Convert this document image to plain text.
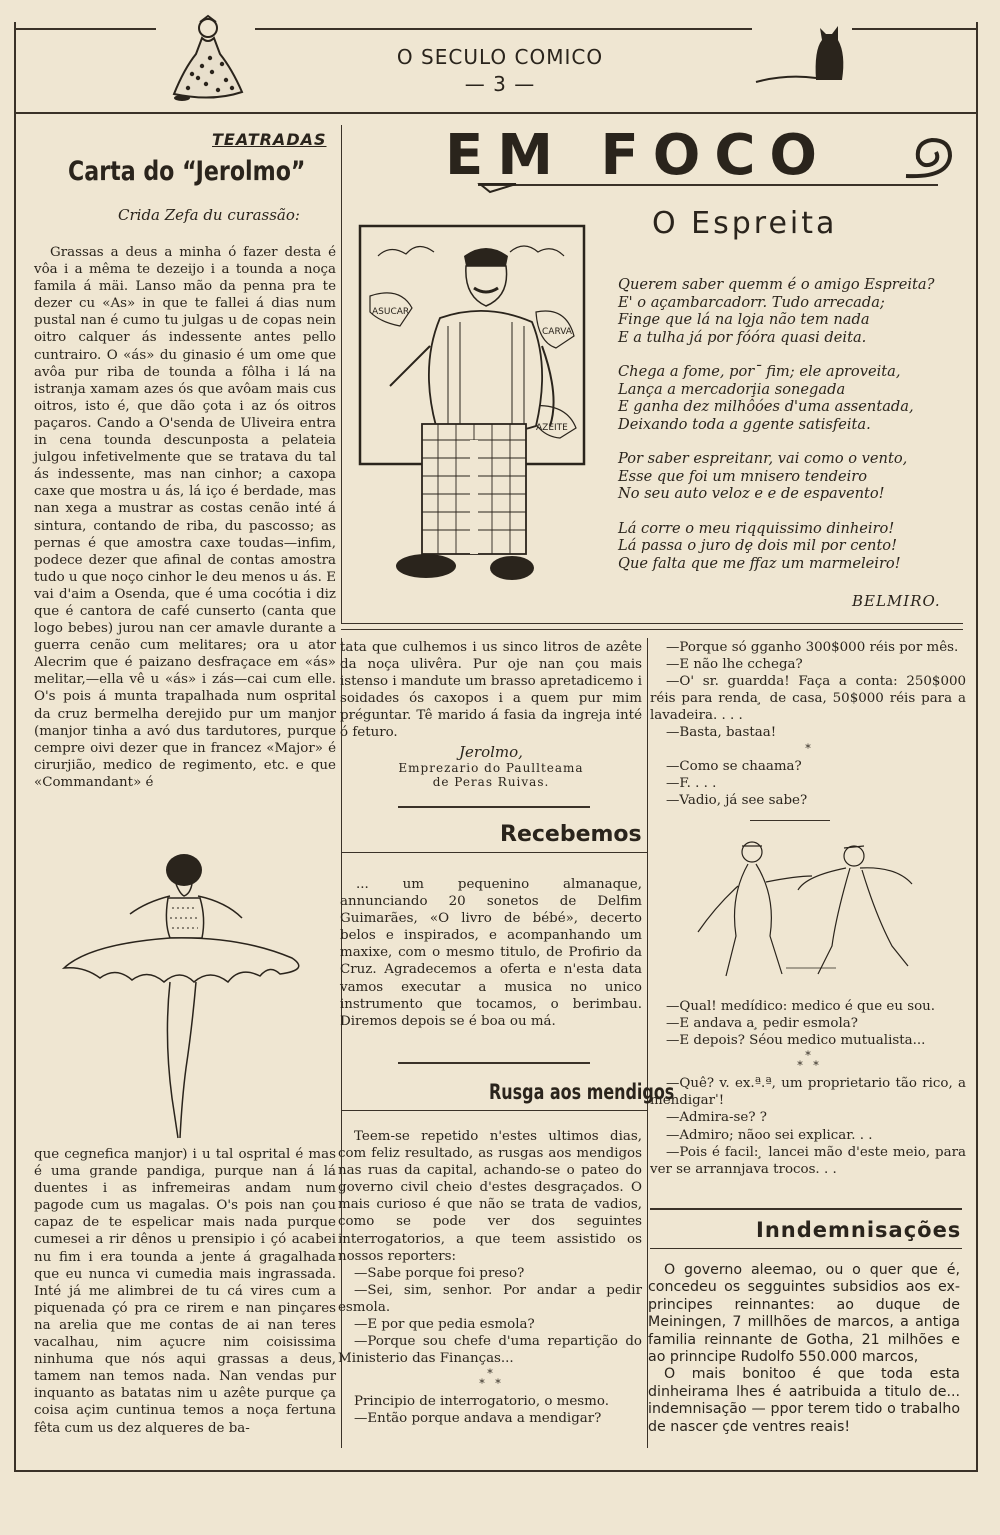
O SECULO COMICO
— 3 —
TEATRADAS
Carta do “Jerolmo”
Crida Zefa du curassão:

Grassas a deus a minha ó fazer desta é vôa i a mêma te dezeijo i a tounda a noça famila á mäi. Lanso mão da penna pra te dezer cu «As» in que te fallei á dias num pustal nan é cumo tu julgas u de copas nein oitro calquer ás indessente antes pello cuntrairo. O «ás» du ginasio é um ome que avôa pur riba de tounda a fôlha i lá na istranja xamam azes ós que avôam mais cus oitros, isto é, que dão çota i az ós oitros paçaros. Cando a O'senda de Uliveira entra in cena tounda descunposta a pelateia julgou infetivelmente que se tratava du tal ás indessente, mas nan cinhor; a caxopa caxe que mostra u ás, lá iço é berdade, mas nan xega a mustrar as costas cenão inté á sintura, contando de riba, du pascosso; as pernas é que amostra caxe toudas—infim, podece dezer que afinal de contas amostra tudo u que noço cinhor le deu menos u ás. E vai d'aim a Osenda, que é uma cocótia i diz que é cantora de café cunserto (canta que logo bebes) jurou nan cer amavle durante a guerra cenão cum melitares; ora u ator Alecrim que é paizano desfraçace em «ás» melitar,—ella vê u «ás» i zás—cai cum elle. O's pois á munta trapalhada num osprital da cruz bermelha derejido pur um manjor (manjor tinha a avó dus tardutores, purque cempre oivi dezer que in francez «Major» é cirurjião, medico de regimento, etc. e que «Commandant» é

que cegnefica manjor) i u tal osprital é mas é uma grande pandiga, purque nan á lá duentes i as infremeiras andam num pagode cum us magalas. O's pois nan çou capaz de te espelicar mais nada purque cumesei a rir dênos u prensipio i çó acabei nu fim i era tounda a jente á gragalhada que eu nunca vi cumedia mais ingrassada. Inté já me alimbrei de tu cá vires cum a piquenada çó pra ce rirem e nan pinçares na arelia que me contas de ai nan teres vacalhau, nim açucre nim coisissima ninhuma que nós aqui grassas a deus, tamem nan temos nada. Nan vendas pur inquanto as batatas nim u azête purque ça coisa açim cuntinua temos a noça fertuna fêta cum us dez alqueres de ba-

tata que culhemos i us sinco litros de azête da noça ulivêra. Pur oje nan çou mais istenso i mandute um brasso apretadicemo i soidades ós caxopos i a quem pur mim préguntar. Tê marido á fasia da ingreja inté ó feturo.

Jerolmo,
Emprezario do Paullteama
de Peras Ruivas.
EM FOCO
O Espreita
ASUCAR
CARVA
AZEITE
Querem saber quemm é o amigo Espreita?
E' o açambarcadorr. Tudo arrecada;
Finge que lá na lo̧ja não tem nada
E a tulha já por fóóra quasi deita.
Chega a fome, porˉ fim; ele aproveita,
Lança a mercadori̧ia sonegada
E ganha dez milhôóes d'uma assentada,
Deixando toda a ggente satisfeita.
Por saber espreitanr, vai como o vento,
Esse que foi um mnisero tendeiro
No seu auto veloz e e de espavento!
Lá corre o meu riqquissimo dinheiro!
Lá passa o juro dȩ dois mil por cento!
Que falta que me ffaz um marmeleiro!
BELMIRO.
Recebemos

... um pequenino almanaque, annunciando 20 sonetos de Delfim Guimarães, «O livro de bébé», decerto belos e inspirados, e acompanhando um maxixe, com o mesmo titulo, de Profirio da Cruz. Agradecemos a oferta e n'esta data vamos executar a musica no unico instrumento que tocamos, o berimbau. Diremos depois se é boa ou má.

Rusga aos mendigos

Teem-se repetido n'estes ultimos dias, com feliz resultado, as rusgas aos mendigos nas ruas da capital, achando-se o pateo do governo civil cheio d'estes desgraçados. O mais curioso é que não se trata de vadios, como se pode ver dos seguintes interrogatorios, a que teem assistido os nossos reporters:

—Sabe porque foi preso?

—Sei, sim, senhor. Por andar a pedir esmola.

—E por que pedia esmola?

—Porque sou chefe d'uma repartição do Ministerio das Finanças...

*
* *

Principio de interrogatorio, o mesmo.

—Então porque andava a mendigar?

—Porque só gganho 300$000 réis por mês.

—E não lhe cchega?

—O' sr. guardda! Faça a conta: 250$000 réis para renda ̧ de casa, 50$000 réis para a lavadeira. . . .

—Basta, bastaa!

*

—Como se chaama?

—F. . . .

—Vadio, já see sabe?

—Qual! medídico: medico é que eu sou.

—E andava a ̧ pedir esmola?

—E depois? Séou medico mutualista...

*
* *

—Quê? v. ex.ª.ª, um proprietario tão rico, a mendigarˈ!

—Admira-se? ?

—Admiro; nãoo sei explicar. . .

—Pois é facil: ̧ lancei mão d'este meio, para ver se arrannjava trocos. . .

Inndemnisações

O governo aleemao, ou o quer que é, concedeu os segguintes subsidios aos ex-principes reinnantes: ao duque de Meiningen, 7 millhões de marcos, a antiga familia reinnante de Gotha, 21 milhões e ao prinncipe Rudolfo 550.000 marcos,

O mais bonitoo é que toda esta dinheirama lhes é aatribuida a titulo de... indemnisação — ppor terem tido o trabalho de nascer çde ventres reais!
